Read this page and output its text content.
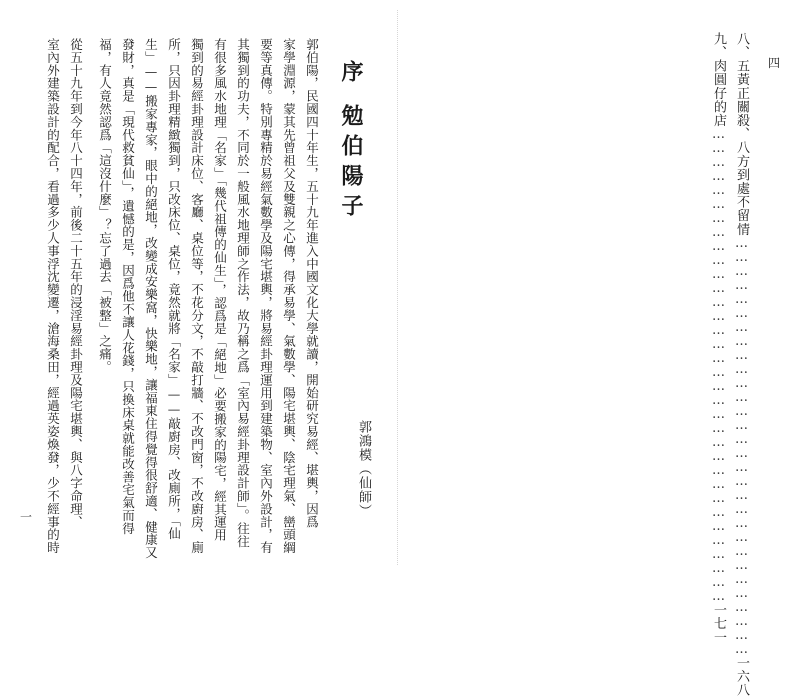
四
八、五黃正關殺、八方到處不留情………………………………………………………………………………一六八
九、肉圓仔的店…………………………………………………………………………………………一七一
序
勉伯陽子
郭鴻模（仙師）
郭伯陽，民國四十年生，五十九年進入中國文化大學就讀，開始研究易經、堪輿，因爲
家學淵源，蒙其先曾祖父及雙親之心傳，得承易學、氣數學、陽宅堪輿、陰宅理氣、巒頭綱
要等真傳。特別專精於易經氣數學及陽宅堪輿，將易經卦理運用到建築物、室內外設計，有
其獨到的功夫，不同於一般風水地理師之作法，故乃稱之爲「室內易經卦理設計師」。往往
有很多風水地理「名家」「幾代祖傳的仙生」，認爲是「絕地」必要搬家的陽宅，經其運用
獨到的易經卦理設計床位、客廳、桌位等，不花分文，不敲打牆、不改門窗，不改廚房、廁
所，只因卦理精緻獨到，只改床位、桌位，竟然就將「名家」——敲廚房、改廁所，「仙
生」——搬家專家，眼中的絕地，改變成安樂窩，快樂地，讓福東住得覺得很舒適、健康又
發財，真是「現代救貧仙」，遺憾的是，因爲他不讓人花錢，只換床桌就能改善宅氣而得
福，有人竟然認爲「這沒什麼」？忘了過去「被整」之痛。
從五十九年到今年八十四年，前後二十五年的浸淫易經卦理及陽宅堪輿、與八字命理、
室內外建築設計的配合，看過多少人事浮沈變遷，滄海桑田，經過英姿煥發，少不經事的時
一
